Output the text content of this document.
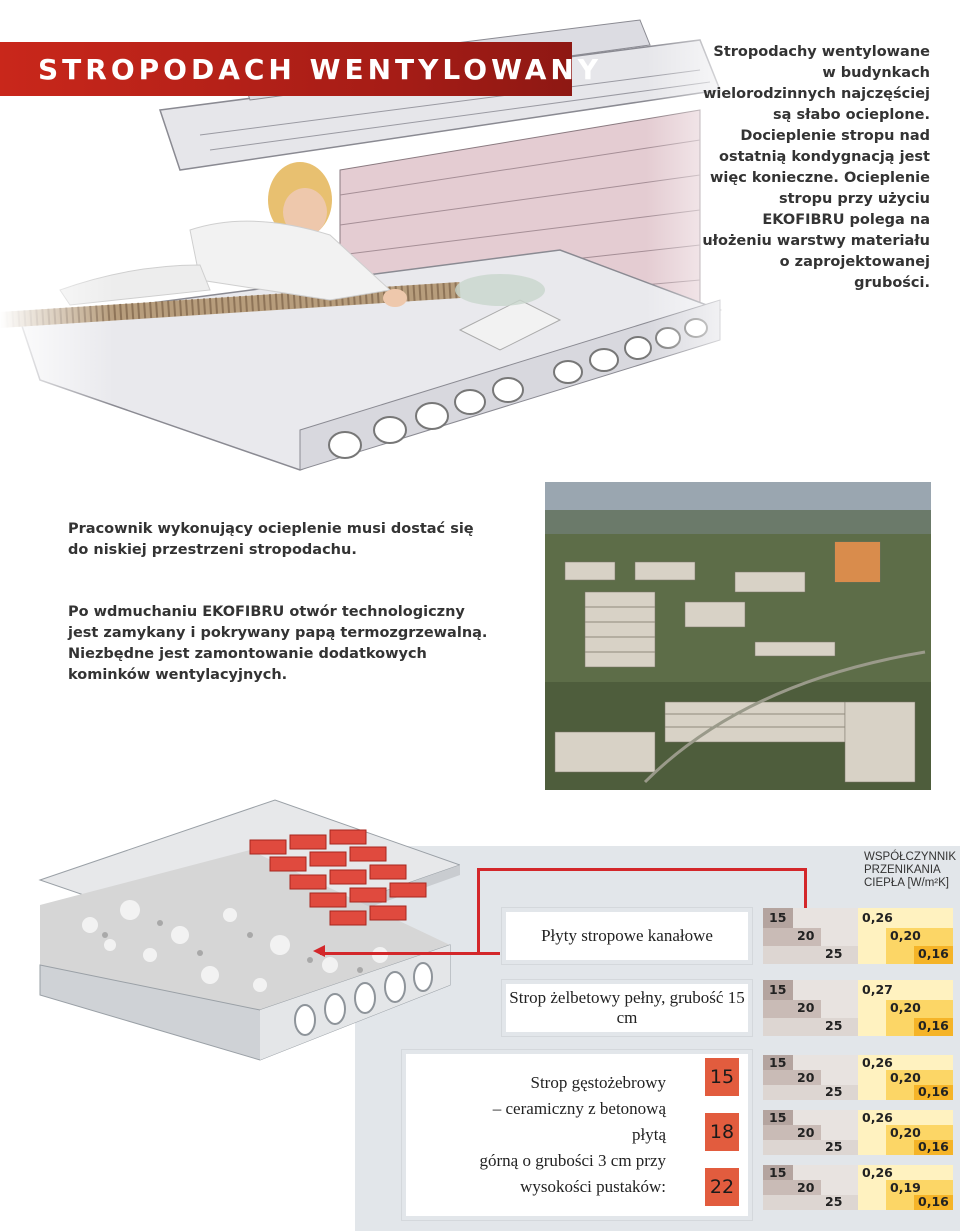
STROPODACH WENTYLOWANY

Stropodachy wentylowane w budynkach wielorodzinnych najczęściej są słabo ocieplone. Docieplenie stropu nad ostatnią kondygnacją jest więc konieczne. Ocieplenie stropu przy użyciu EKOFIBRU polega na ułożeniu warstwy materiału o zaprojektowanej grubości.

Pracownik wykonujący ocieplenie musi dostać się do niskiej przestrzeni stropodachu.

Po wdmuchaniu EKOFIBRU otwór technologiczny jest zamykany i pokrywany papą termozgrzewalną. Niezbędne jest zamontowanie dodatkowych kominków wentylacyjnych.

WSPÓŁCZYNNIK PRZENIKANIA CIEPŁA [W/m²K]
Płyty stropowe kanałowe
15
20
25
0,26
0,20
0,16
Strop żelbetowy pełny, grubość 15 cm
15
20
25
0,27
0,20
0,16
Strop gęstożebrowy
– ceramiczny z betonową płytą
górną o grubości 3 cm przy
wysokości pustaków:
15
18
22
15
20
25
0,26
0,20
0,16
15
20
25
0,26
0,20
0,16
15
20
25
0,26
0,19
0,16
